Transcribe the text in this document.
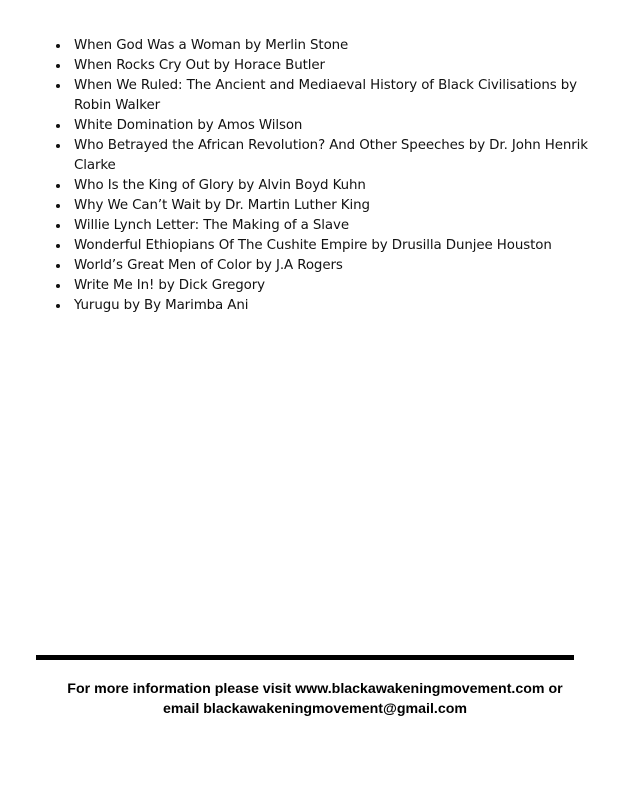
When God Was a Woman by Merlin Stone
When Rocks Cry Out by Horace Butler
When We Ruled: The Ancient and Mediaeval History of Black Civilisations by Robin Walker
White Domination by Amos Wilson
Who Betrayed the African Revolution? And Other Speeches by Dr. John Henrik Clarke
Who Is the King of Glory by Alvin Boyd Kuhn
Why We Can’t Wait by Dr. Martin Luther King
Willie Lynch Letter: The Making of a Slave
Wonderful Ethiopians Of The Cushite Empire by Drusilla Dunjee Houston
World’s Great Men of Color by J.A Rogers
Write Me In! by Dick Gregory
Yurugu by By Marimba Ani
For more information please visit www.blackawakeningmovement.com or
email blackawakeningmovement@gmail.com
